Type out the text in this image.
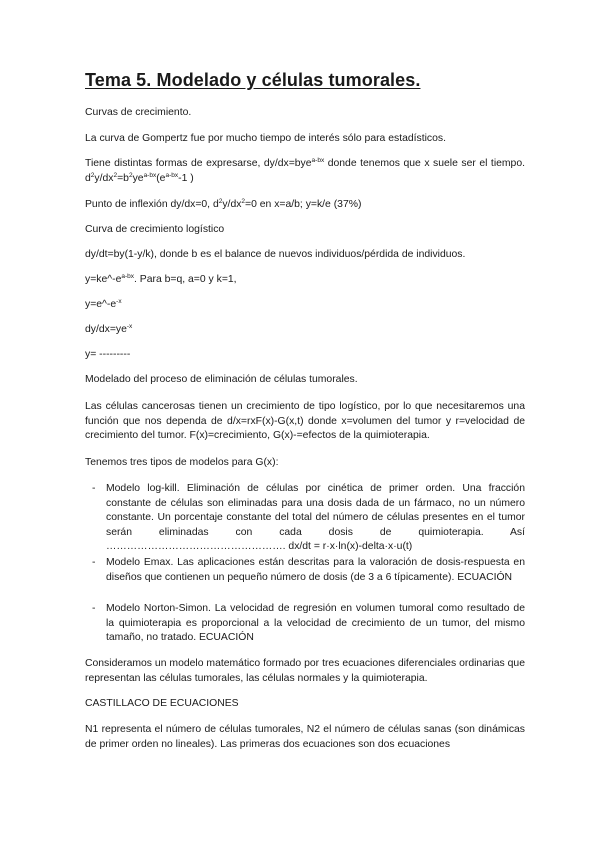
Tema 5. Modelado y células tumorales.

Curvas de crecimiento.

La curva de Gompertz fue por mucho tiempo de interés sólo para estadísticos.

Tiene distintas formas de expresarse, dy/dx=bye$^{a-bx}$ donde tenemos que x suele ser el tiempo. $d^2y/dx^2=b^2ye^{a-bx}(e^{a-bx}-1$ )

Punto de inflexión dy/dx=0, $d^2y/dx^2=0$ en x=a/b; y=k/e (37%)

Curva de crecimiento logístico

dy/dt=by(1-y/k), donde b es el balance de nuevos individuos/pérdida de individuos.

$y=ke\^{}-e^{a-bx}$. Para b=q, a=0 y k=1,

$y=e\^{}-e^{-x}$

$dy/dx=ye^{-x}$

y= ---------

Modelado del proceso de eliminación de células tumorales.

Las células cancerosas tienen un crecimiento de tipo logístico, por lo que necesitaremos una función que nos dependa de d/x=rxF(x)-G(x,t) donde x=volumen del tumor y r=velocidad de crecimiento del tumor. F(x)=crecimiento, G(x)-=efectos de la quimioterapia.

Tenemos tres tipos de modelos para G(x):

- Modelo log-kill. Eliminación de células por cinética de primer orden. Una fracción constante de células son eliminadas para una dosis dada de un fármaco, no un número constante. Un porcentaje constante del total del número de células presentes en el tumor serán eliminadas con cada dosis de quimioterapia. Así ……………………………………………. dx/dt = r·x·ln(x)-delta·x·u(t)
- Modelo Emax. Las aplicaciones están descritas para la valoración de dosis-respuesta en diseños que contienen un pequeño número de dosis (de 3 a 6 típicamente). ECUACIÓN
- Modelo Norton-Simon. La velocidad de regresión en volumen tumoral como resultado de la quimioterapia es proporcional a la velocidad de crecimiento de un tumor, del mismo tamaño, no tratado. ECUACIÓN

Consideramos un modelo matemático formado por tres ecuaciones diferenciales ordinarias que representan las células tumorales, las células normales y la quimioterapia.

CASTILLACO DE ECUACIONES

N1 representa el número de células tumorales, N2 el número de células sanas (son dinámicas de primer orden no lineales). Las primeras dos ecuaciones son dos ecuaciones
